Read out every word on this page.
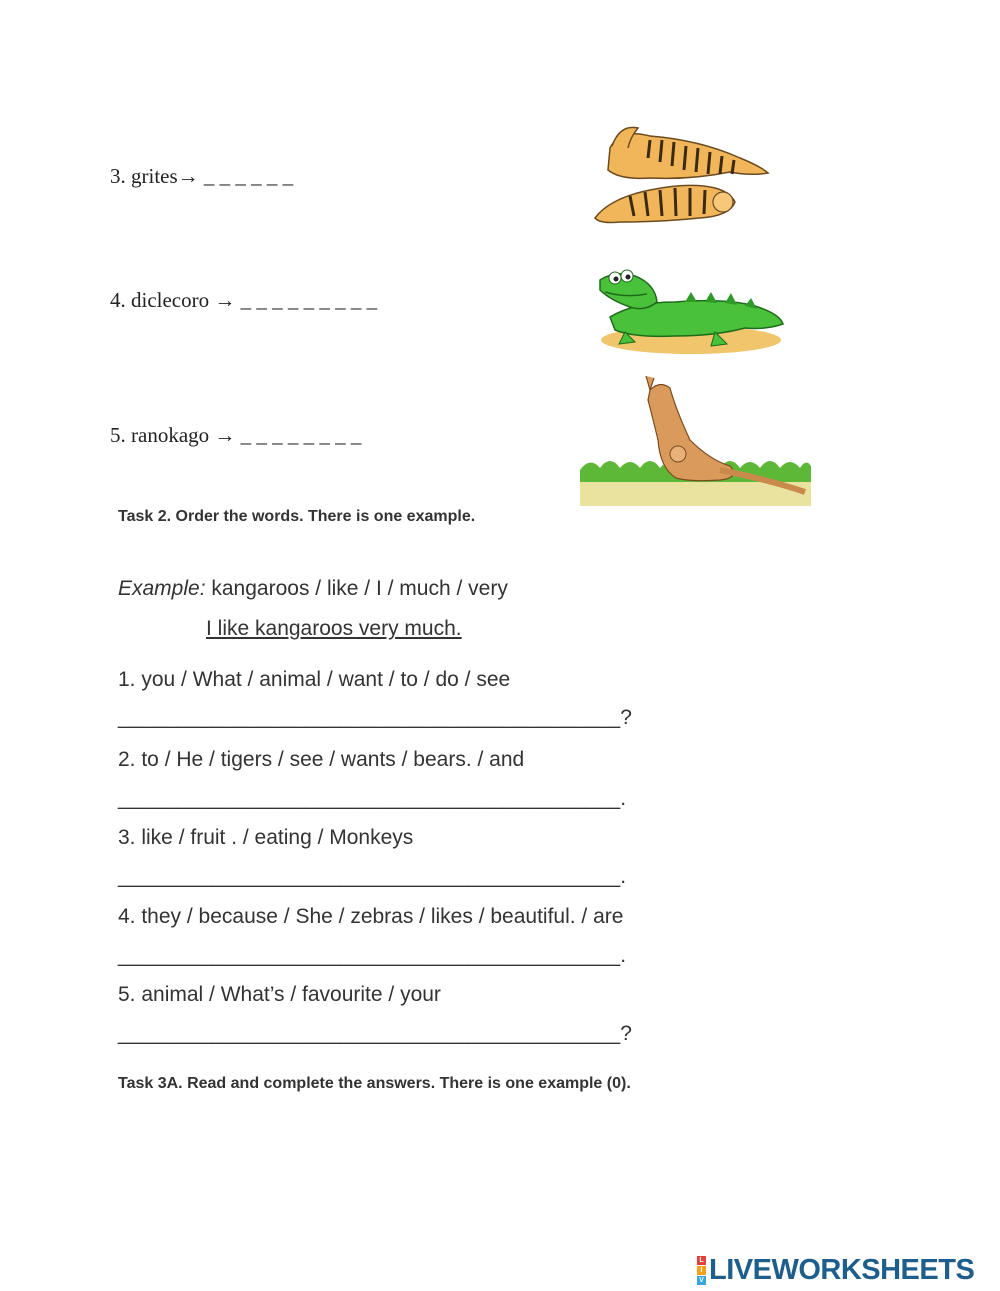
3. grites→ _ _ _ _ _ _
4. diclecoro → _ _ _ _ _ _ _ _ _
5. ranokago → _ _ _ _ _ _ _ _
Task 2. Order the words. There is one example.
Example: kangaroos / like / I / much / very
I like kangaroos very much.
1. you / What / animal / want / to / do / see
___________________________________________?
2. to / He / tigers / see / wants / bears. / and
___________________________________________.
3. like / fruit . / eating / Monkeys
___________________________________________.
4. they / because / She / zebras / likes / beautiful. / are
___________________________________________.
5. animal / What’s / favourite / your
___________________________________________?
Task 3A. Read and complete the answers. There is one example (0).
L
I
V LIVEWORKSHEETS
